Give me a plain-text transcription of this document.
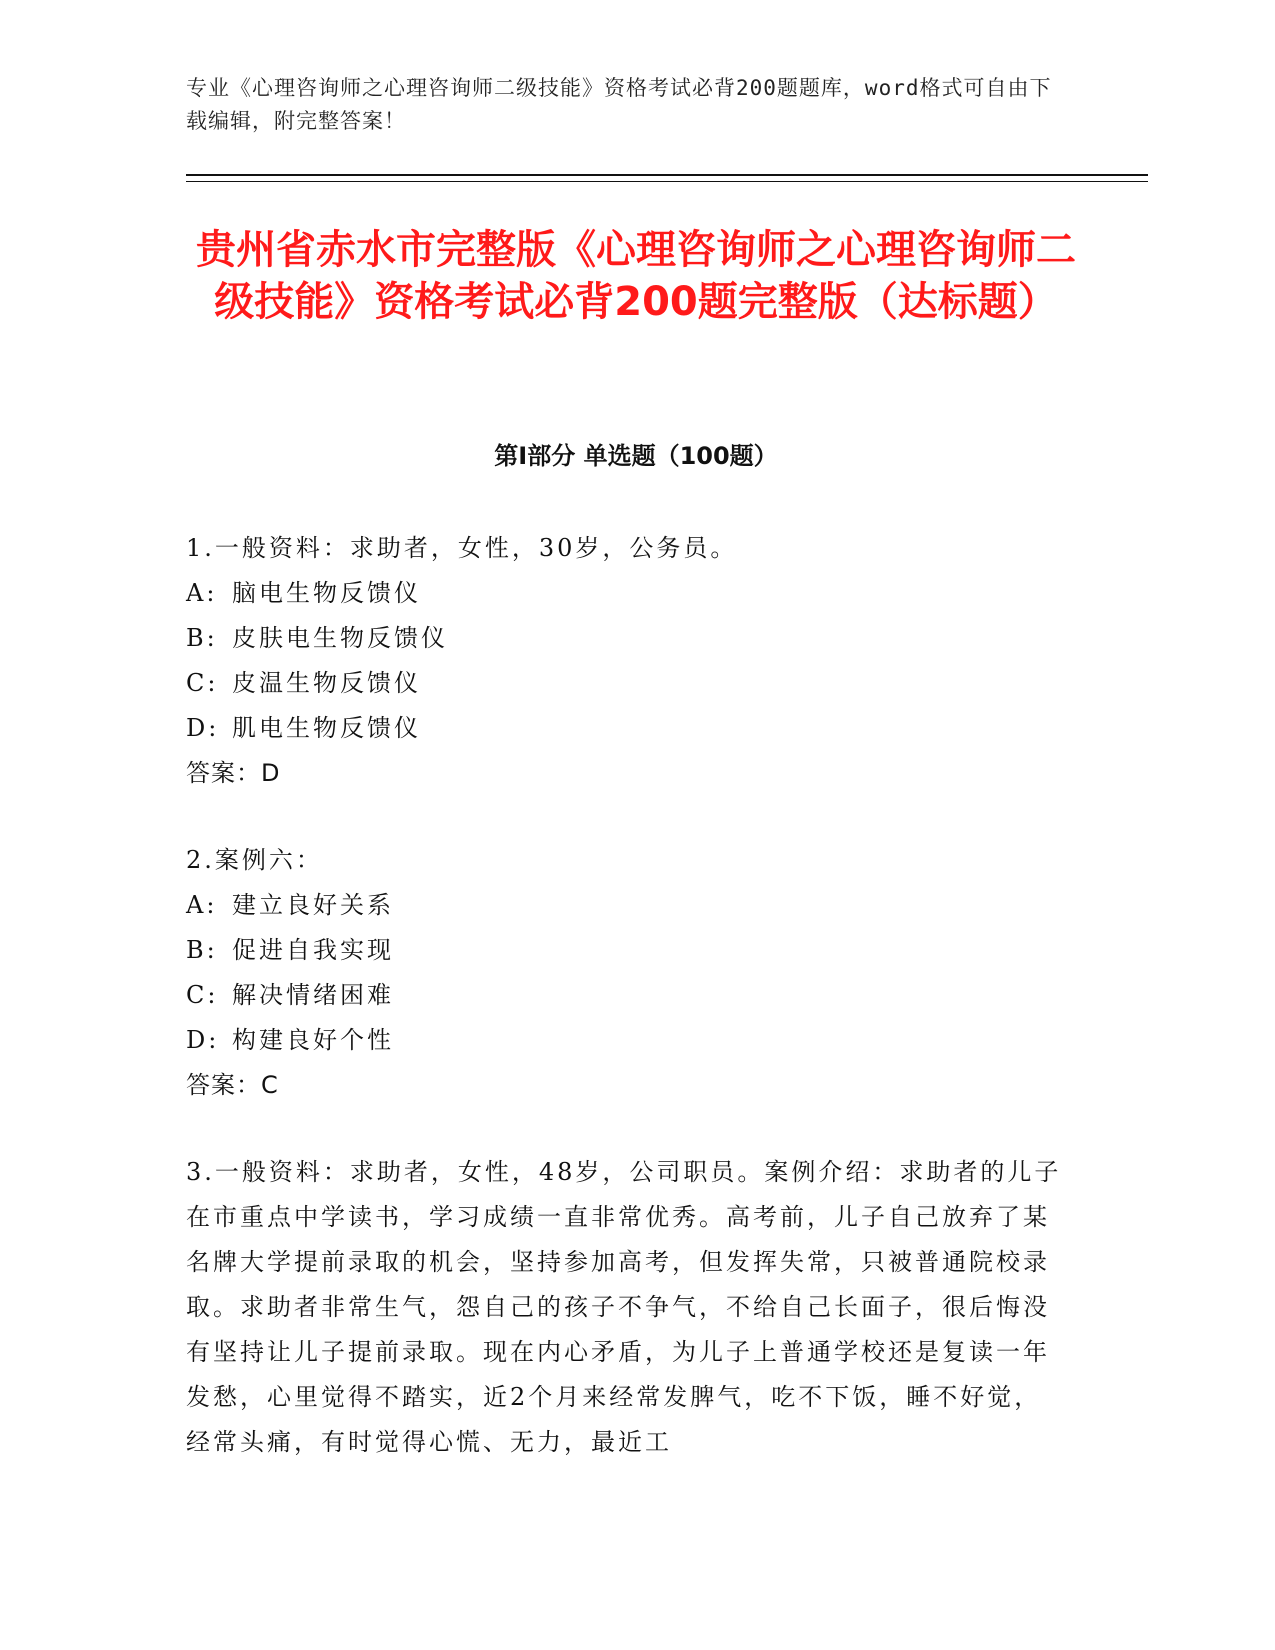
专业《心理咨询师之心理咨询师二级技能》资格考试必背200题题库，word格式可自由下载编辑，附完整答案！
贵州省赤水市完整版《心理咨询师之心理咨询师二级技能》资格考试必背200题完整版（达标题）
第Ⅰ部分 单选题（100题）
1.一般资料：求助者，女性，30岁，公务员。
A: 脑电生物反馈仪
B: 皮肤电生物反馈仪
C: 皮温生物反馈仪
D: 肌电生物反馈仪
答案：D
2.案例六：
A: 建立良好关系
B: 促进自我实现
C: 解决情绪困难
D: 构建良好个性
答案：C
3.一般资料：求助者，女性，48岁，公司职员。案例介绍：求助者的儿子在市重点中学读书，学习成绩一直非常优秀。高考前，儿子自己放弃了某名牌大学提前录取的机会，坚持参加高考，但发挥失常，只被普通院校录取。求助者非常生气，怨自己的孩子不争气，不给自己长面子，很后悔没有坚持让儿子提前录取。现在内心矛盾，为儿子上普通学校还是复读一年发愁，心里觉得不踏实，近2个月来经常发脾气，吃不下饭，睡不好觉，经常头痛，有时觉得心慌、无力，最近工
